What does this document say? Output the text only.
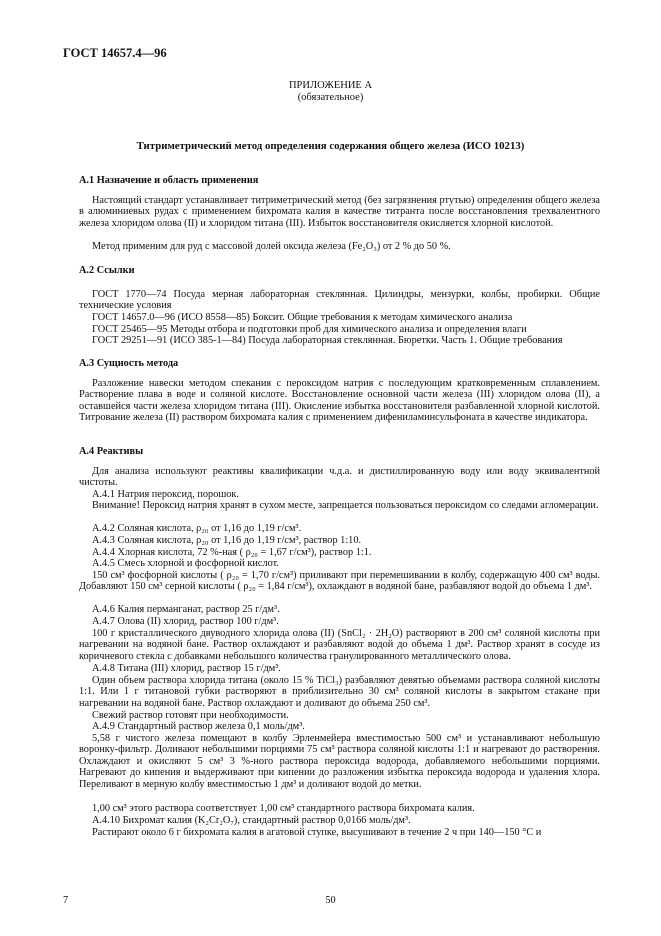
ГОСТ 14657.4—96
ПРИЛОЖЕНИЕ А
(обязательное)
Титриметрический метод определения содержания общего железа (ИСО 10213)
А.1 Назначение и область применения
Настоящий стандарт устанавливает титриметрический метод (без загрязнения ртутью) определения общего железа в алюминиевых рудах с применением бихромата калия в качестве титранта после восстановления трехвалентного железа хлоридом олова (II) и хлоридом титана (III). Избыток восстановителя окисляется хлорной кислотой.
Метод применим для руд с массовой долей оксида железа (Fe₂O₃) от 2 % до 50 %.
А.2 Ссылки
ГОСТ 1770—74 Посуда мерная лабораторная стеклянная. Цилиндры, мензурки, колбы, пробирки. Общие технические условия
ГОСТ 14657.0—96 (ИСО 8558—85) Боксит. Общие требования к методам химического анализа
ГОСТ 25465—95 Методы отбора и подготовки проб для химического анализа и определения влаги
ГОСТ 29251—91 (ИСО 385-1—84) Посуда лабораторная стеклянная. Бюретки. Часть 1. Общие требования
А.3 Сущность метода
Разложение навески методом спекания с пероксидом натрия с последующим кратковременным сплавлением. Растворение плава в воде и соляной кислоте. Восстановление основной части железа (III) хлоридом олова (II), а оставшейся части железа хлоридом титана (III). Окисление избытка восстановителя разбавленной хлорной кислотой. Титрование железа (II) раствором бихромата калия с применением дифениламинсульфоната в качестве индикатора.
А.4 Реактивы
Для анализа используют реактивы квалификации ч.д.а. и дистиллированную воду или воду эквивалентной чистоты.
А.4.1 Натрия пероксид, порошок.
Внимание! Пероксид натрия хранят в сухом месте, запрещается пользоваться пероксидом со следами агломерации.
А.4.2 Соляная кислота, ρ₂₀ от 1,16 до 1,19 г/см³.
А.4.3 Соляная кислота, ρ₂₀ от 1,16 до 1,19 г/см³, раствор 1:10.
А.4.4 Хлорная кислота, 72 %-ная ( ρ₂₀ = 1,67 г/см³), раствор 1:1.
А.4.5 Смесь хлорной и фосфорной кислот.
150 см³ фосфорной кислоты ( ρ₂₀ = 1,70 г/см³) приливают при перемешивании в колбу, содержащую 400 см³ воды. Добавляют 150 см³ серной кислоты ( ρ₂₀ = 1,84 г/см³), охлаждают в водяной бане, разбавляют водой до объема 1 дм³.
А.4.6 Калия перманганат, раствор 25 г/дм³.
А.4.7 Олова (II) хлорид, раствор 100 г/дм³.
100 г кристаллического двуводного хлорида олова (II) (SnCl₂ · 2H₂O) растворяют в 200 см³ соляной кислоты при нагревании на водяной бане. Раствор охлаждают и разбавляют водой до объема 1 дм³. Раствор хранят в сосуде из коричневого стекла с добавками небольшого количества гранулированного металлического олова.
А.4.8 Титана (III) хлорид, раствор 15 г/дм³.
Один объем раствора хлорида титана (около 15 % TiCl₃) разбавляют девятью объемами раствора соляной кислоты 1:1. Или 1 г титановой губки растворяют в приблизительно 30 см³ соляной кислоты в закрытом стакане при нагревании на водяной бане. Раствор охлаждают и доливают до объема 250 см³.
Свежий раствор готовят при необходимости.
А.4.9 Стандартный раствор железа 0,1 моль/дм³.
5,58 г чистого железа помещают в колбу Эрленмейера вместимостью 500 см³ и устанавливают небольшую воронку-фильтр. Доливают небольшими порциями 75 см³ раствора соляной кислоты 1:1 и нагревают до растворения. Охлаждают и окисляют 5 см³ 3 %-ного раствора пероксида водорода, добавляемого небольшими порциями. Нагревают до кипения и выдерживают при кипении до разложения избытка пероксида водорода и удаления хлора. Переливают в мерную колбу вместимостью 1 дм³ и доливают водой до метки.
1,00 см³ этого раствора соответствует 1,00 см³ стандартного раствора бихромата калия.
А.4.10 Бихромат калия (K₂Cr₂O₇), стандартный раствор 0,0166 моль/дм³.
Растирают около 6 г бихромата калия в агатовой ступке, высушивают в течение 2 ч при 140—150 °С и
7	50
